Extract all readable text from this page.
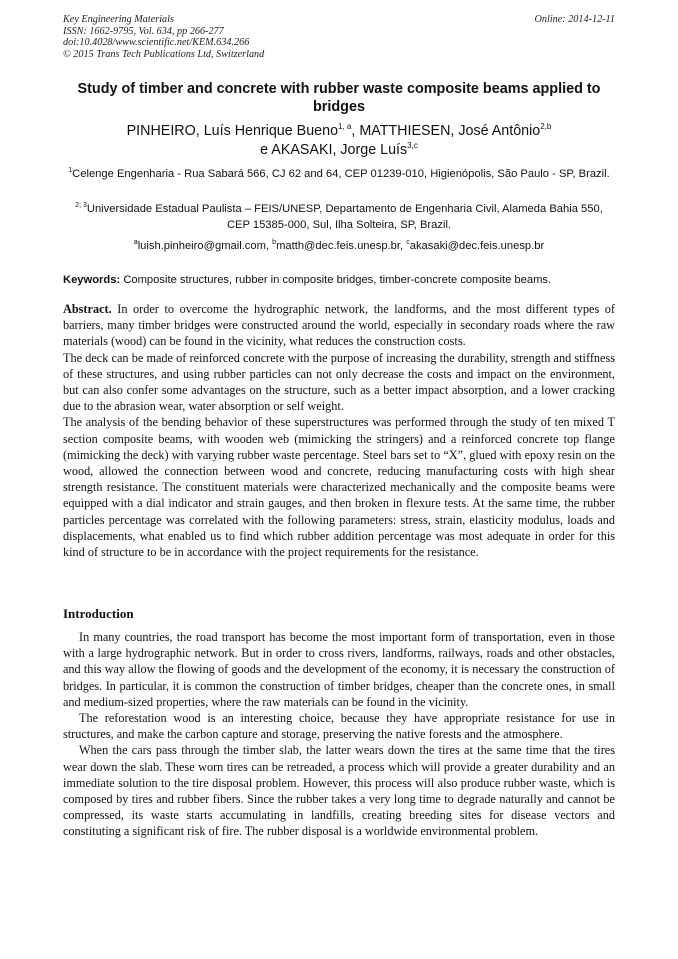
Key Engineering Materials
ISSN: 1662-9795, Vol. 634, pp 266-277
doi:10.4028/www.scientific.net/KEM.634.266
© 2015 Trans Tech Publications Ltd, Switzerland
Online: 2014-12-11
Study of timber and concrete with rubber waste composite beams applied to bridges
PINHEIRO, Luís Henrique Bueno$^{1, a}$, MATTHIESEN, José Antônio$^{2,b}$
e AKASAKI, Jorge Luís$^{3,c}$
$^1$Celenge Engenharia - Rua Sabará 566, CJ 62 and 64, CEP 01239-010, Higienópolis, São Paulo - SP, Brazil.
$^{2; 3}$Universidade Estadual Paulista – FEIS/UNESP, Departamento de Engenharia Civil, Alameda Bahia 550, CEP 15385-000, Sul, Ilha Solteira, SP, Brazil.
$^a$luish.pinheiro@gmail.com, $^b$matth@dec.feis.unesp.br, $^c$akasaki@dec.feis.unesp.br
Keywords: Composite structures, rubber in composite bridges, timber-concrete composite beams.

Abstract. In order to overcome the hydrographic network, the landforms, and the most different types of barriers, many timber bridges were constructed around the world, especially in secondary roads where the raw materials (wood) can be found in the vicinity, what reduces the construction costs.

The deck can be made of reinforced concrete with the purpose of increasing the durability, strength and stiffness of these structures, and using rubber particles can not only decrease the costs and impact on the environment, but can also confer some advantages on the structure, such as a better impact absorption, and a lower cracking due to the abrasion wear, water absorption or self weight.

The analysis of the bending behavior of these superstructures was performed through the study of ten mixed T section composite beams, with wooden web (mimicking the stringers) and a reinforced concrete top flange (mimicking the deck) with varying rubber waste percentage. Steel bars set to “X”, glued with epoxy resin on the wood, allowed the connection between wood and concrete, reducing manufacturing costs with high shear strength resistance. The constituent materials were characterized mechanically and the composite beams were equipped with a dial indicator and strain gauges, and then broken in flexure tests. At the same time, the rubber particles percentage was correlated with the following parameters: stress, strain, elasticity modulus, loads and displacements, what enabled us to find which rubber addition percentage was most adequate in order for this kind of structure to be in accordance with the project requirements for the resistance.

Introduction

In many countries, the road transport has become the most important form of transportation, even in those with a large hydrographic network. But in order to cross rivers, landforms, railways, roads and other obstacles, and this way allow the flowing of goods and the development of the economy, it is necessary the construction of bridges. In particular, it is common the construction of timber bridges, cheaper than the concrete ones, in small and medium-sized properties, where the raw materials can be found in the vicinity.

The reforestation wood is an interesting choice, because they have appropriate resistance for use in structures, and make the carbon capture and storage, preserving the native forests and the atmosphere.

When the cars pass through the timber slab, the latter wears down the tires at the same time that the tires wear down the slab. These worn tires can be retreaded, a process which will provide a greater durability and an immediate solution to the tire disposal problem. However, this process will also produce rubber waste, which is composed by tires and rubber fibers. Since the rubber takes a very long time to degrade naturally and cannot be compressed, its waste starts accumulating in landfills, creating breeding sites for disease vectors and constituting a significant risk of fire. The rubber disposal is a worldwide environmental problem.
